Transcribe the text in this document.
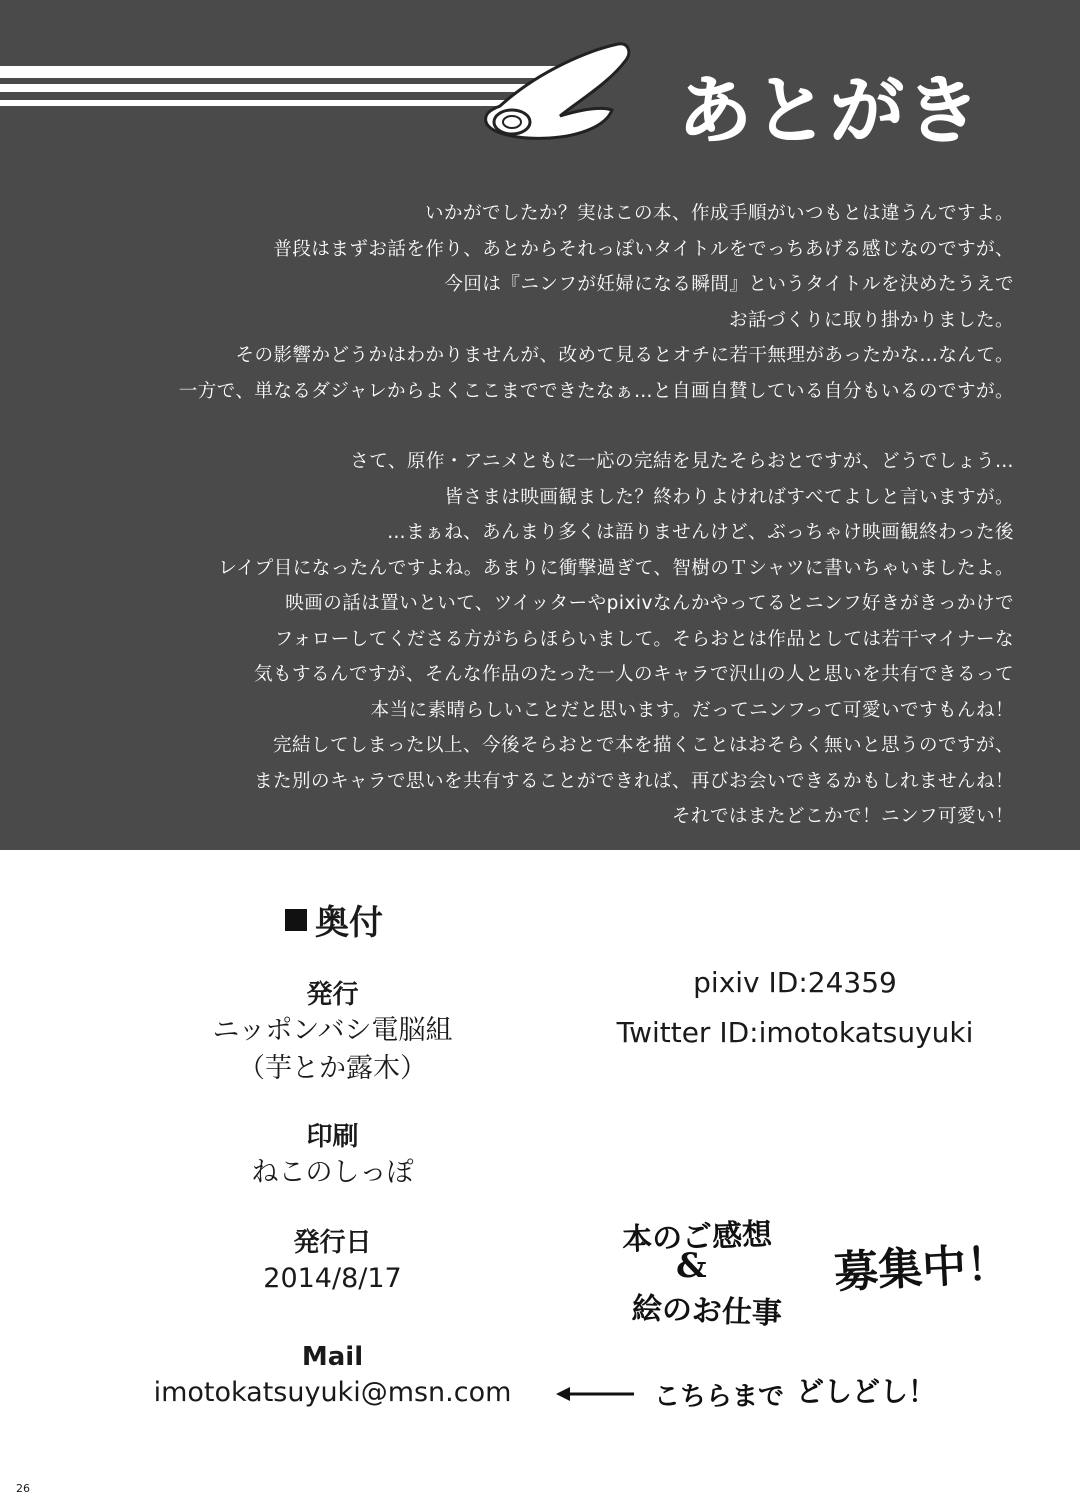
あとがき
いかがでしたか？実はこの本、作成手順がいつもとは違うんですよ。
普段はまずお話を作り、あとからそれっぽいタイトルをでっちあげる感じなのですが、
今回は『ニンフが妊婦になる瞬間』というタイトルを決めたうえで
お話づくりに取り掛かりました。
その影響かどうかはわかりませんが、改めて見るとオチに若干無理があったかな…なんて。
一方で、単なるダジャレからよくここまでできたなぁ…と自画自賛している自分もいるのですが。
さて、原作・アニメともに一応の完結を見たそらおとですが、どうでしょう…
皆さまは映画観ました？終わりよければすべてよしと言いますが。
…まぁね、あんまり多くは語りませんけど、ぶっちゃけ映画観終わった後
レイプ目になったんですよね。あまりに衝撃過ぎて、智樹のＴシャツに書いちゃいましたよ。
映画の話は置いといて、ツイッターやpixivなんかやってるとニンフ好きがきっかけで
フォローしてくださる方がちらほらいまして。そらおとは作品としては若干マイナーな
気もするんですが、そんな作品のたった一人のキャラで沢山の人と思いを共有できるって
本当に素晴らしいことだと思います。だってニンフって可愛いですもんね！
完結してしまった以上、今後そらおとで本を描くことはおそらく無いと思うのですが、
また別のキャラで思いを共有することができれば、再びお会いできるかもしれませんね！
それではまたどこかで！ニンフ可愛い！
奥付
発行
ニッポンバシ電脳組
（芋とか露木）
印刷
ねこのしっぽ
発行日
2014/8/17
Mail
imotokatsuyuki@msn.com
pixiv ID:24359
Twitter ID:imotokatsuyuki
本のご感想
&
絵のお仕事
募集中！
こちらまで どしどし！
26
